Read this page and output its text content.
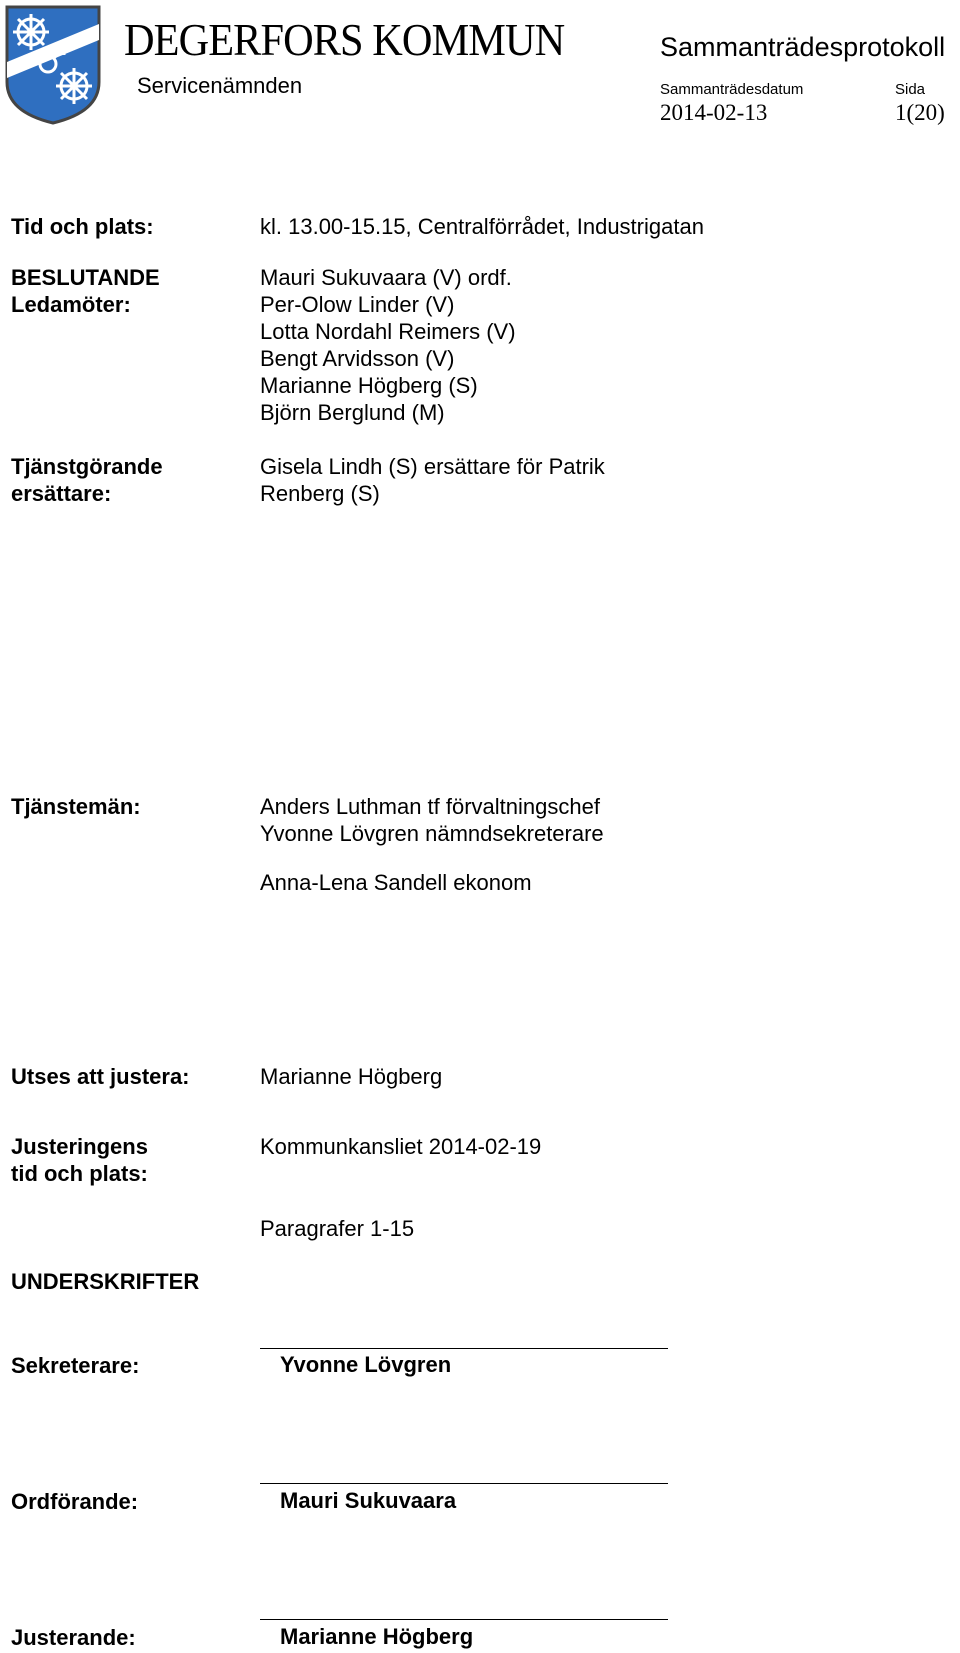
DEGERFORS KOMMUN
Servicenämnden
Sammanträdesprotokoll
Sammanträdesdatum	Sida
2014-02-13	1(20)
Tid och plats:	kl. 13.00-15.15, Centralförrådet, Industrigatan
BESLUTANDE
Ledamöter:
Mauri Sukuvaara (V) ordf.
Per-Olow Linder (V)
Lotta Nordahl Reimers (V)
Bengt Arvidsson (V)
Marianne Högberg (S)
Björn Berglund (M)
Tjänstgörande
ersättare:
Gisela Lindh (S) ersättare för Patrik
Renberg (S)
Tjänstemän:	Anders Luthman tf förvaltningschef
Yvonne Lövgren nämndsekreterare
Anna-Lena Sandell ekonom
Utses att justera:	Marianne Högberg
Justeringens
tid och plats:
Kommunkansliet 2014-02-19
Paragrafer 1-15
UNDERSKRIFTER
Sekreterare:	Yvonne Lövgren
Ordförande:	Mauri Sukuvaara
Justerande:	Marianne Högberg
